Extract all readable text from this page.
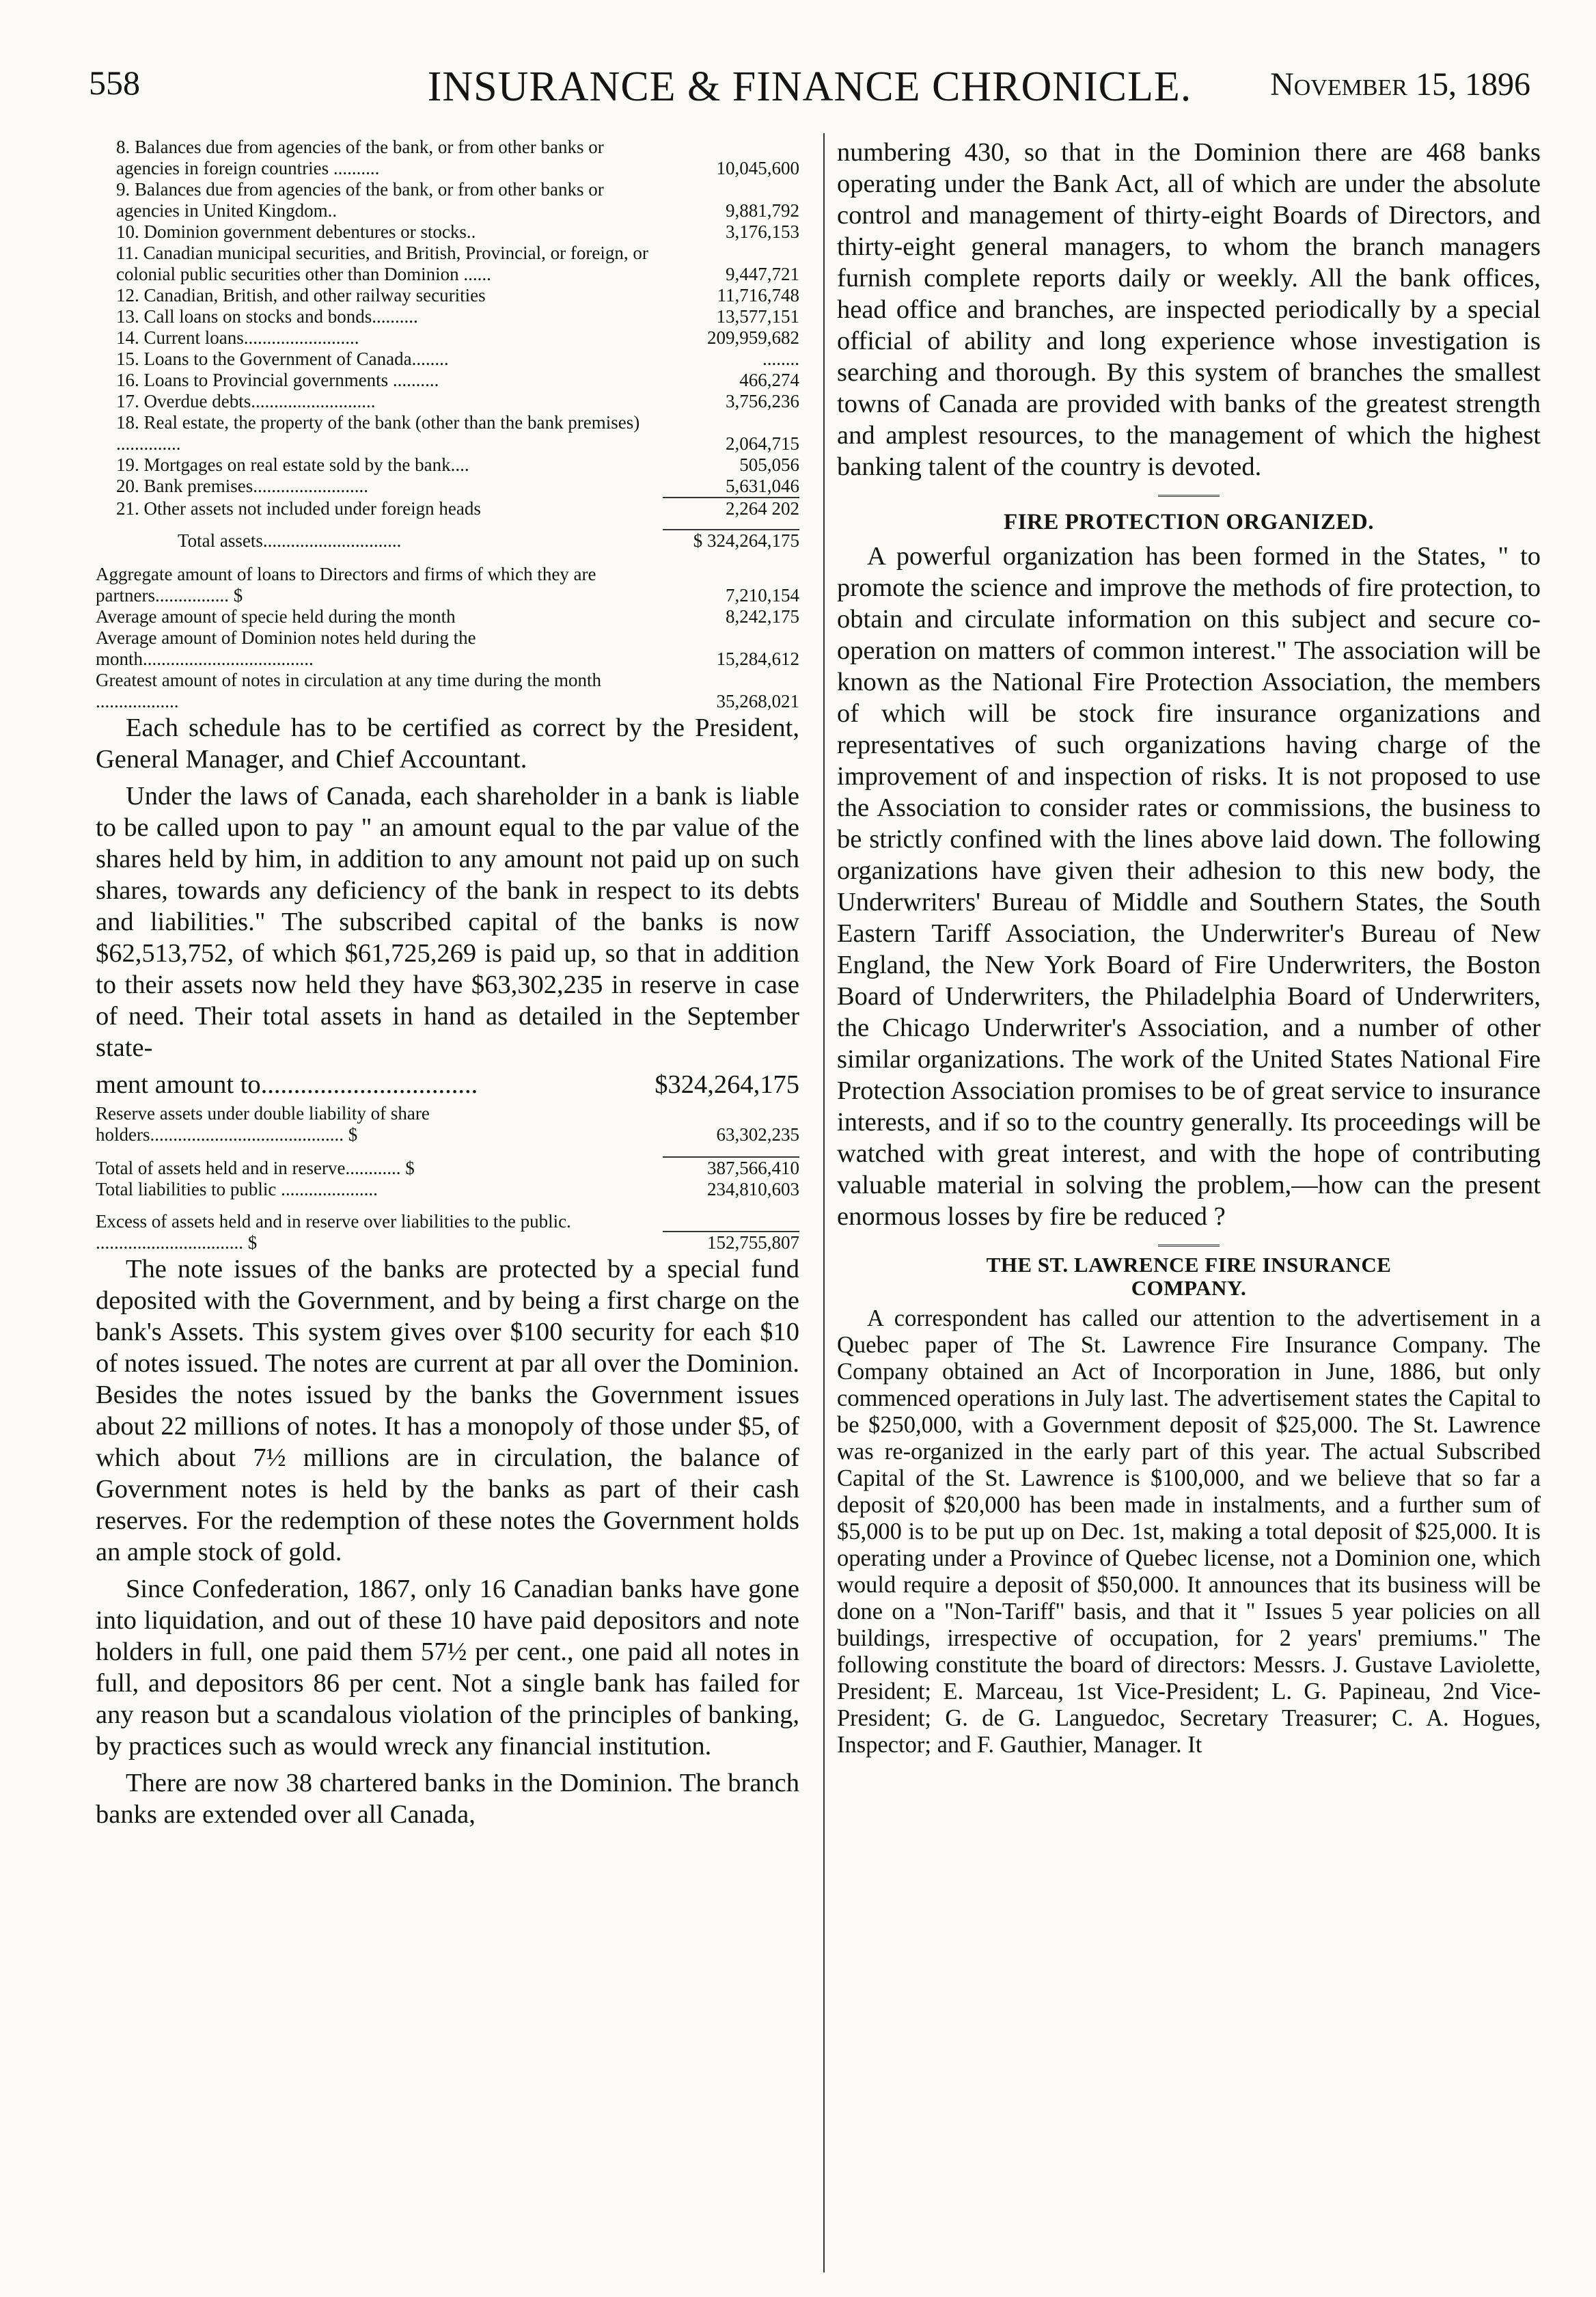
558	INSURANCE & FINANCE CHRONICLE.	November 15, 1896
8. Balances due from agencies of the bank, or from other banks or agencies in foreign countries ..........	10,045,600
9. Balances due from agencies of the bank, or from other banks or agencies in United Kingdom..	9,881,792
10. Dominion government debentures or stocks..	3,176,153
11. Canadian municipal securities, and British, Provincial, or foreign, or colonial public securities other than Dominion ......	9,447,721
12. Canadian, British, and other railway securities	11,716,748
13. Call loans on stocks and bonds..........	13,577,151
14. Current loans.........................	209,959,682
15. Loans to the Government of Canada........	........
16. Loans to Provincial governments ..........	466,274
17. Overdue debts...........................	3,756,236
18. Real estate, the property of the bank (other than the bank premises) ..............	2,064,715
19. Mortgages on real estate sold by the bank....	505,056
20. Bank premises.........................	5,631,046
21. Other assets not included under foreign heads	2,264 202
Total assets..............................	$ 324,264,175
Aggregate amount of loans to Directors and firms of which they are partners................ $	7,210,154
Average amount of specie held during the month	8,242,175
Average amount of Dominion notes held during the month.....................................	15,284,612
Greatest amount of notes in circulation at any time during the month ..................	35,268,021

Each schedule has to be certified as correct by the President, General Manager, and Chief Accountant.

Under the laws of Canada, each shareholder in a bank is liable to be called upon to pay " an amount equal to the par value of the shares held by him, in addition to any amount not paid up on such shares, towards any deficiency of the bank in respect to its debts and liabilities." The subscribed capital of the banks is now $62,513,752, of which $61,725,269 is paid up, so that in addition to their assets now held they have $63,302,235 in reserve in case of need. Their total assets in hand as detailed in the September state-

ment amount to.................................	$324,264,175
Reserve assets under double liability of share holders.......................................... $	63,302,235
Total of assets held and in reserve............ $	387,566,410
Total liabilities to public .....................	234,810,603
Excess of assets held and in reserve over liabilities to the public. ................................ $	152,755,807

The note issues of the banks are protected by a special fund deposited with the Government, and by being a first charge on the bank's Assets. This system gives over $100 security for each $10 of notes issued. The notes are current at par all over the Dominion. Besides the notes issued by the banks the Government issues about 22 millions of notes. It has a monopoly of those under $5, of which about 7½ millions are in circulation, the balance of Government notes is held by the banks as part of their cash reserves. For the redemption of these notes the Government holds an ample stock of gold.

Since Confederation, 1867, only 16 Canadian banks have gone into liquidation, and out of these 10 have paid depositors and note holders in full, one paid them 57½ per cent., one paid all notes in full, and depositors 86 per cent. Not a single bank has failed for any reason but a scandalous violation of the principles of banking, by practices such as would wreck any financial institution.

There are now 38 chartered banks in the Dominion. The branch banks are extended over all Canada,

numbering 430, so that in the Dominion there are 468 banks operating under the Bank Act, all of which are under the absolute control and management of thirty-eight Boards of Directors, and thirty-eight general managers, to whom the branch managers furnish complete reports daily or weekly. All the bank offices, head office and branches, are inspected periodically by a special official of ability and long experience whose investigation is searching and thorough. By this system of branches the smallest towns of Canada are provided with banks of the greatest strength and amplest resources, to the management of which the highest banking talent of the country is devoted.

FIRE PROTECTION ORGANIZED.

A powerful organization has been formed in the States, " to promote the science and improve the methods of fire protection, to obtain and circulate information on this subject and secure co-operation on matters of common interest." The association will be known as the National Fire Protection Association, the members of which will be stock fire insurance organizations and representatives of such organizations having charge of the improvement of and inspection of risks. It is not proposed to use the Association to consider rates or commissions, the business to be strictly confined with the lines above laid down. The following organizations have given their adhesion to this new body, the Underwriters' Bureau of Middle and Southern States, the South Eastern Tariff Association, the Underwriter's Bureau of New England, the New York Board of Fire Underwriters, the Boston Board of Underwriters, the Philadelphia Board of Underwriters, the Chicago Underwriter's Association, and a number of other similar organizations. The work of the United States National Fire Protection Association promises to be of great service to insurance interests, and if so to the country generally. Its proceedings will be watched with great interest, and with the hope of contributing valuable material in solving the problem,—how can the present enormous losses by fire be reduced ?

THE ST. LAWRENCE FIRE INSURANCE
COMPANY.

A correspondent has called our attention to the advertisement in a Quebec paper of The St. Lawrence Fire Insurance Company. The Company obtained an Act of Incorporation in June, 1886, but only commenced operations in July last. The advertisement states the Capital to be $250,000, with a Government deposit of $25,000. The St. Lawrence was re-organized in the early part of this year. The actual Subscribed Capital of the St. Lawrence is $100,000, and we believe that so far a deposit of $20,000 has been made in instalments, and a further sum of $5,000 is to be put up on Dec. 1st, making a total deposit of $25,000. It is operating under a Province of Quebec license, not a Dominion one, which would require a deposit of $50,000. It announces that its business will be done on a "Non-Tariff" basis, and that it " Issues 5 year policies on all buildings, irrespective of occupation, for 2 years' premiums." The following constitute the board of directors: Messrs. J. Gustave Laviolette, President; E. Marceau, 1st Vice-President; L. G. Papineau, 2nd Vice-President; G. de G. Languedoc, Secretary Treasurer; C. A. Hogues, Inspector; and F. Gauthier, Manager. It
